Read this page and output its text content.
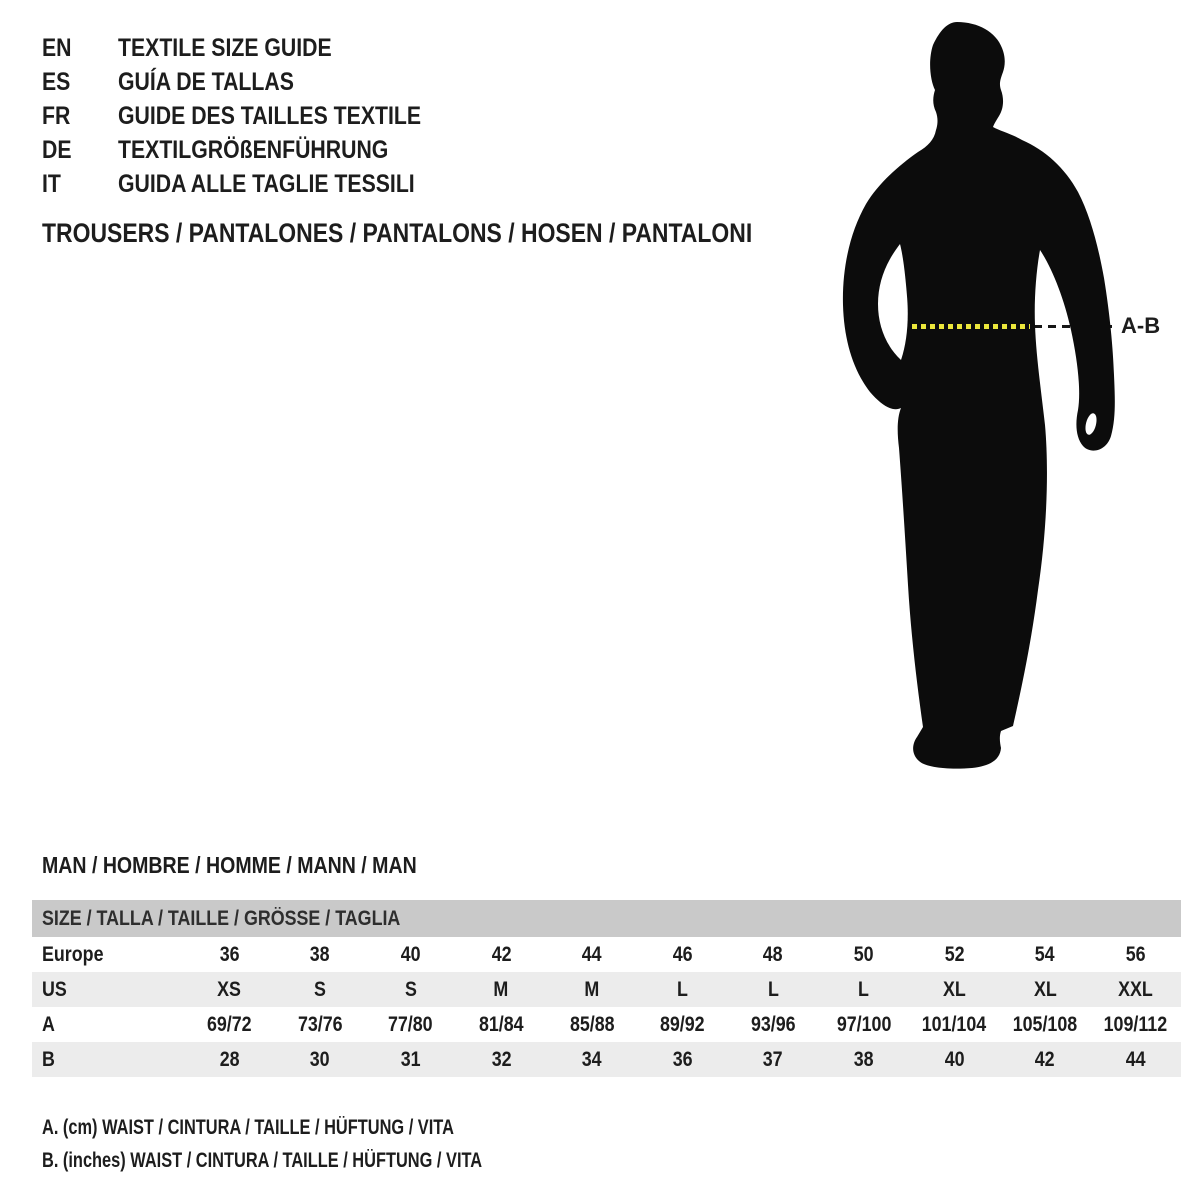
EN	TEXTILE SIZE GUIDE
ES	GUÍA DE TALLAS
FR	GUIDE DES TAILLES TEXTILE
DE	TEXTILGRÖßENFÜHRUNG
IT	GUIDA ALLE TAGLIE TESSILI
TROUSERS / PANTALONES / PANTALONS / HOSEN / PANTALONI
A-B
MAN / HOMBRE / HOMME / MANN / MAN
SIZE / TALLA / TAILLE / GRÖSSE / TAGLIA
Europe	36	38	40	42	44	46	48	50	52	54	56
US	XS	S	S	M	M	L	L	L	XL	XL	XXL
A	69/72	73/76	77/80	81/84	85/88	89/92	93/96	97/100	101/104	105/108	109/112
B	28	30	31	32	34	36	37	38	40	42	44
A. (cm) WAIST / CINTURA / TAILLE / HÜFTUNG / VITA
B. (inches) WAIST / CINTURA / TAILLE / HÜFTUNG / VITA
